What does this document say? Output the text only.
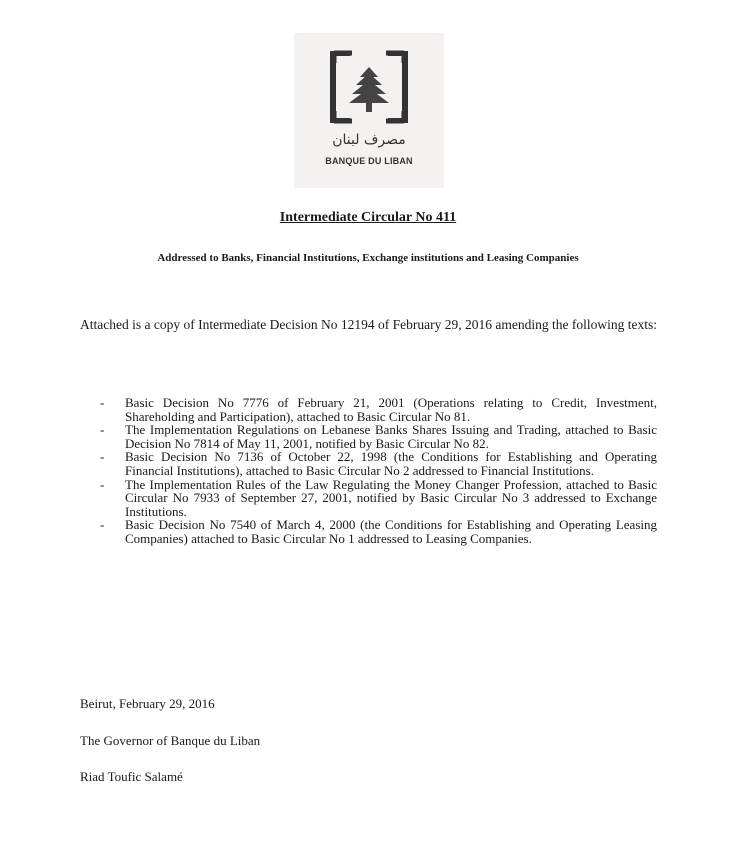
مصرف لبنان
BANQUE DU LIBAN
Intermediate Circular No 411
Addressed to Banks, Financial Institutions, Exchange institutions and Leasing Companies
Attached is a copy of Intermediate Decision No 12194 of February 29, 2016 amending the following texts:
- Basic Decision No 7776 of February 21, 2001 (Operations relating to Credit, Investment, Shareholding and Participation), attached to Basic Circular No 81.
- The Implementation Regulations on Lebanese Banks Shares Issuing and Trading, attached to Basic Decision No 7814 of May 11, 2001, notified by Basic Circular No 82.
- Basic Decision No 7136 of October 22, 1998 (the Conditions for Establishing and Operating Financial Institutions), attached to Basic Circular No 2 addressed to Financial Institutions.
- The Implementation Rules of the Law Regulating the Money Changer Profession, attached to Basic Circular No 7933 of September 27, 2001, notified by Basic Circular No 3 addressed to Exchange Institutions.
- Basic Decision No 7540 of March 4, 2000 (the Conditions for Establishing and Operating Leasing Companies) attached to Basic Circular No 1 addressed to Leasing Companies.
Beirut, February 29, 2016
The Governor of Banque du Liban
Riad Toufic Salamé
